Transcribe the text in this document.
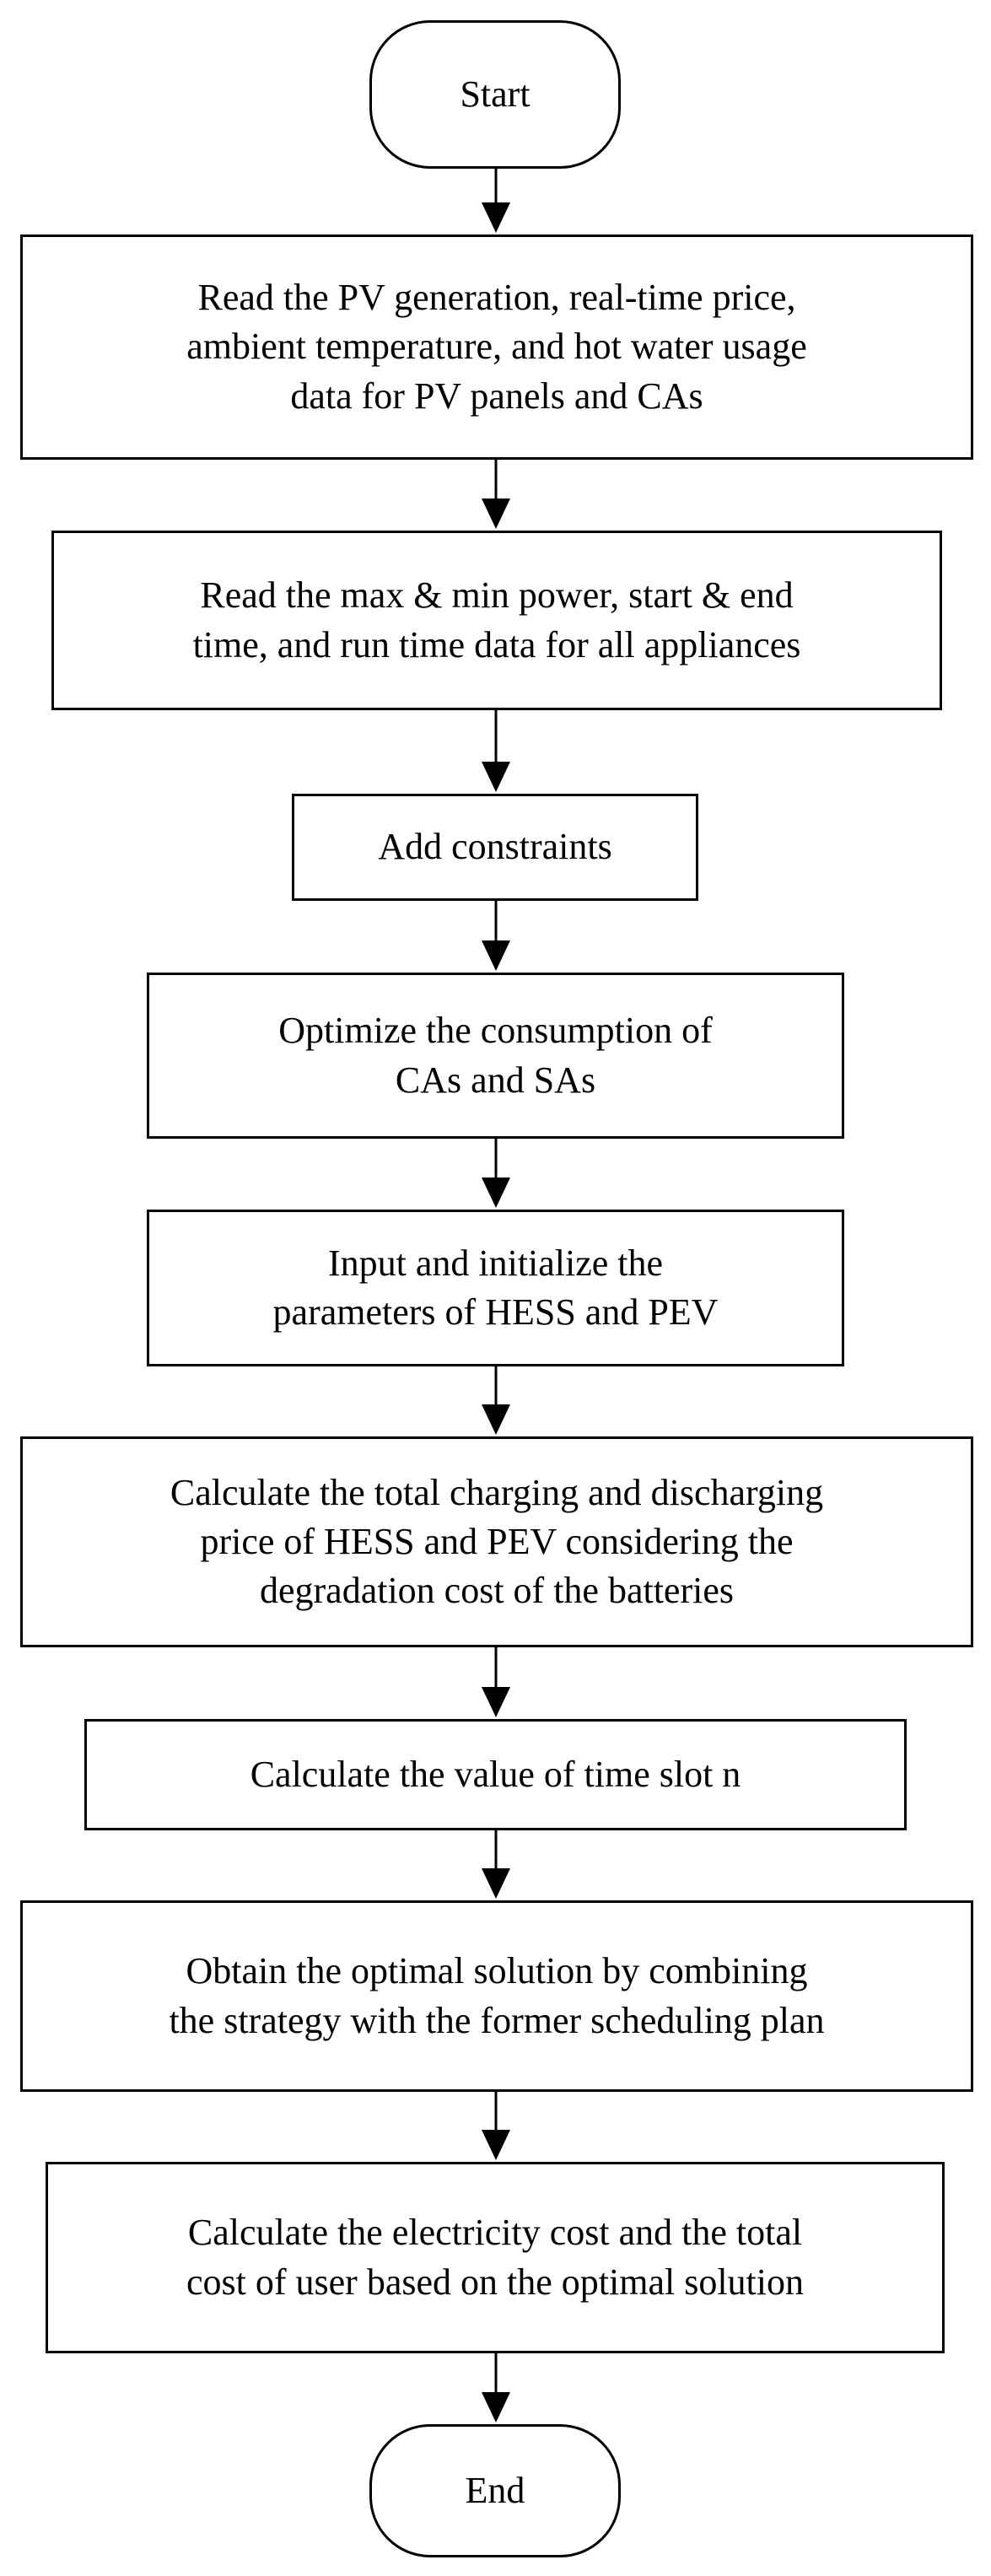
Start
Read the PV generation, real-time price,
ambient temperature, and hot water usage
data for PV panels and CAs
Read the max & min power, start & end
time, and run time data for all appliances
Add constraints
Optimize the consumption of
CAs and SAs
Input and initialize the
parameters of HESS and PEV
Calculate the total charging and discharging
price of HESS and PEV considering the
degradation cost of the batteries
Calculate the value of time slot n
Obtain the optimal solution by combining
the strategy with the former scheduling plan
Calculate the electricity cost and the total
cost of user based on the optimal solution
End
